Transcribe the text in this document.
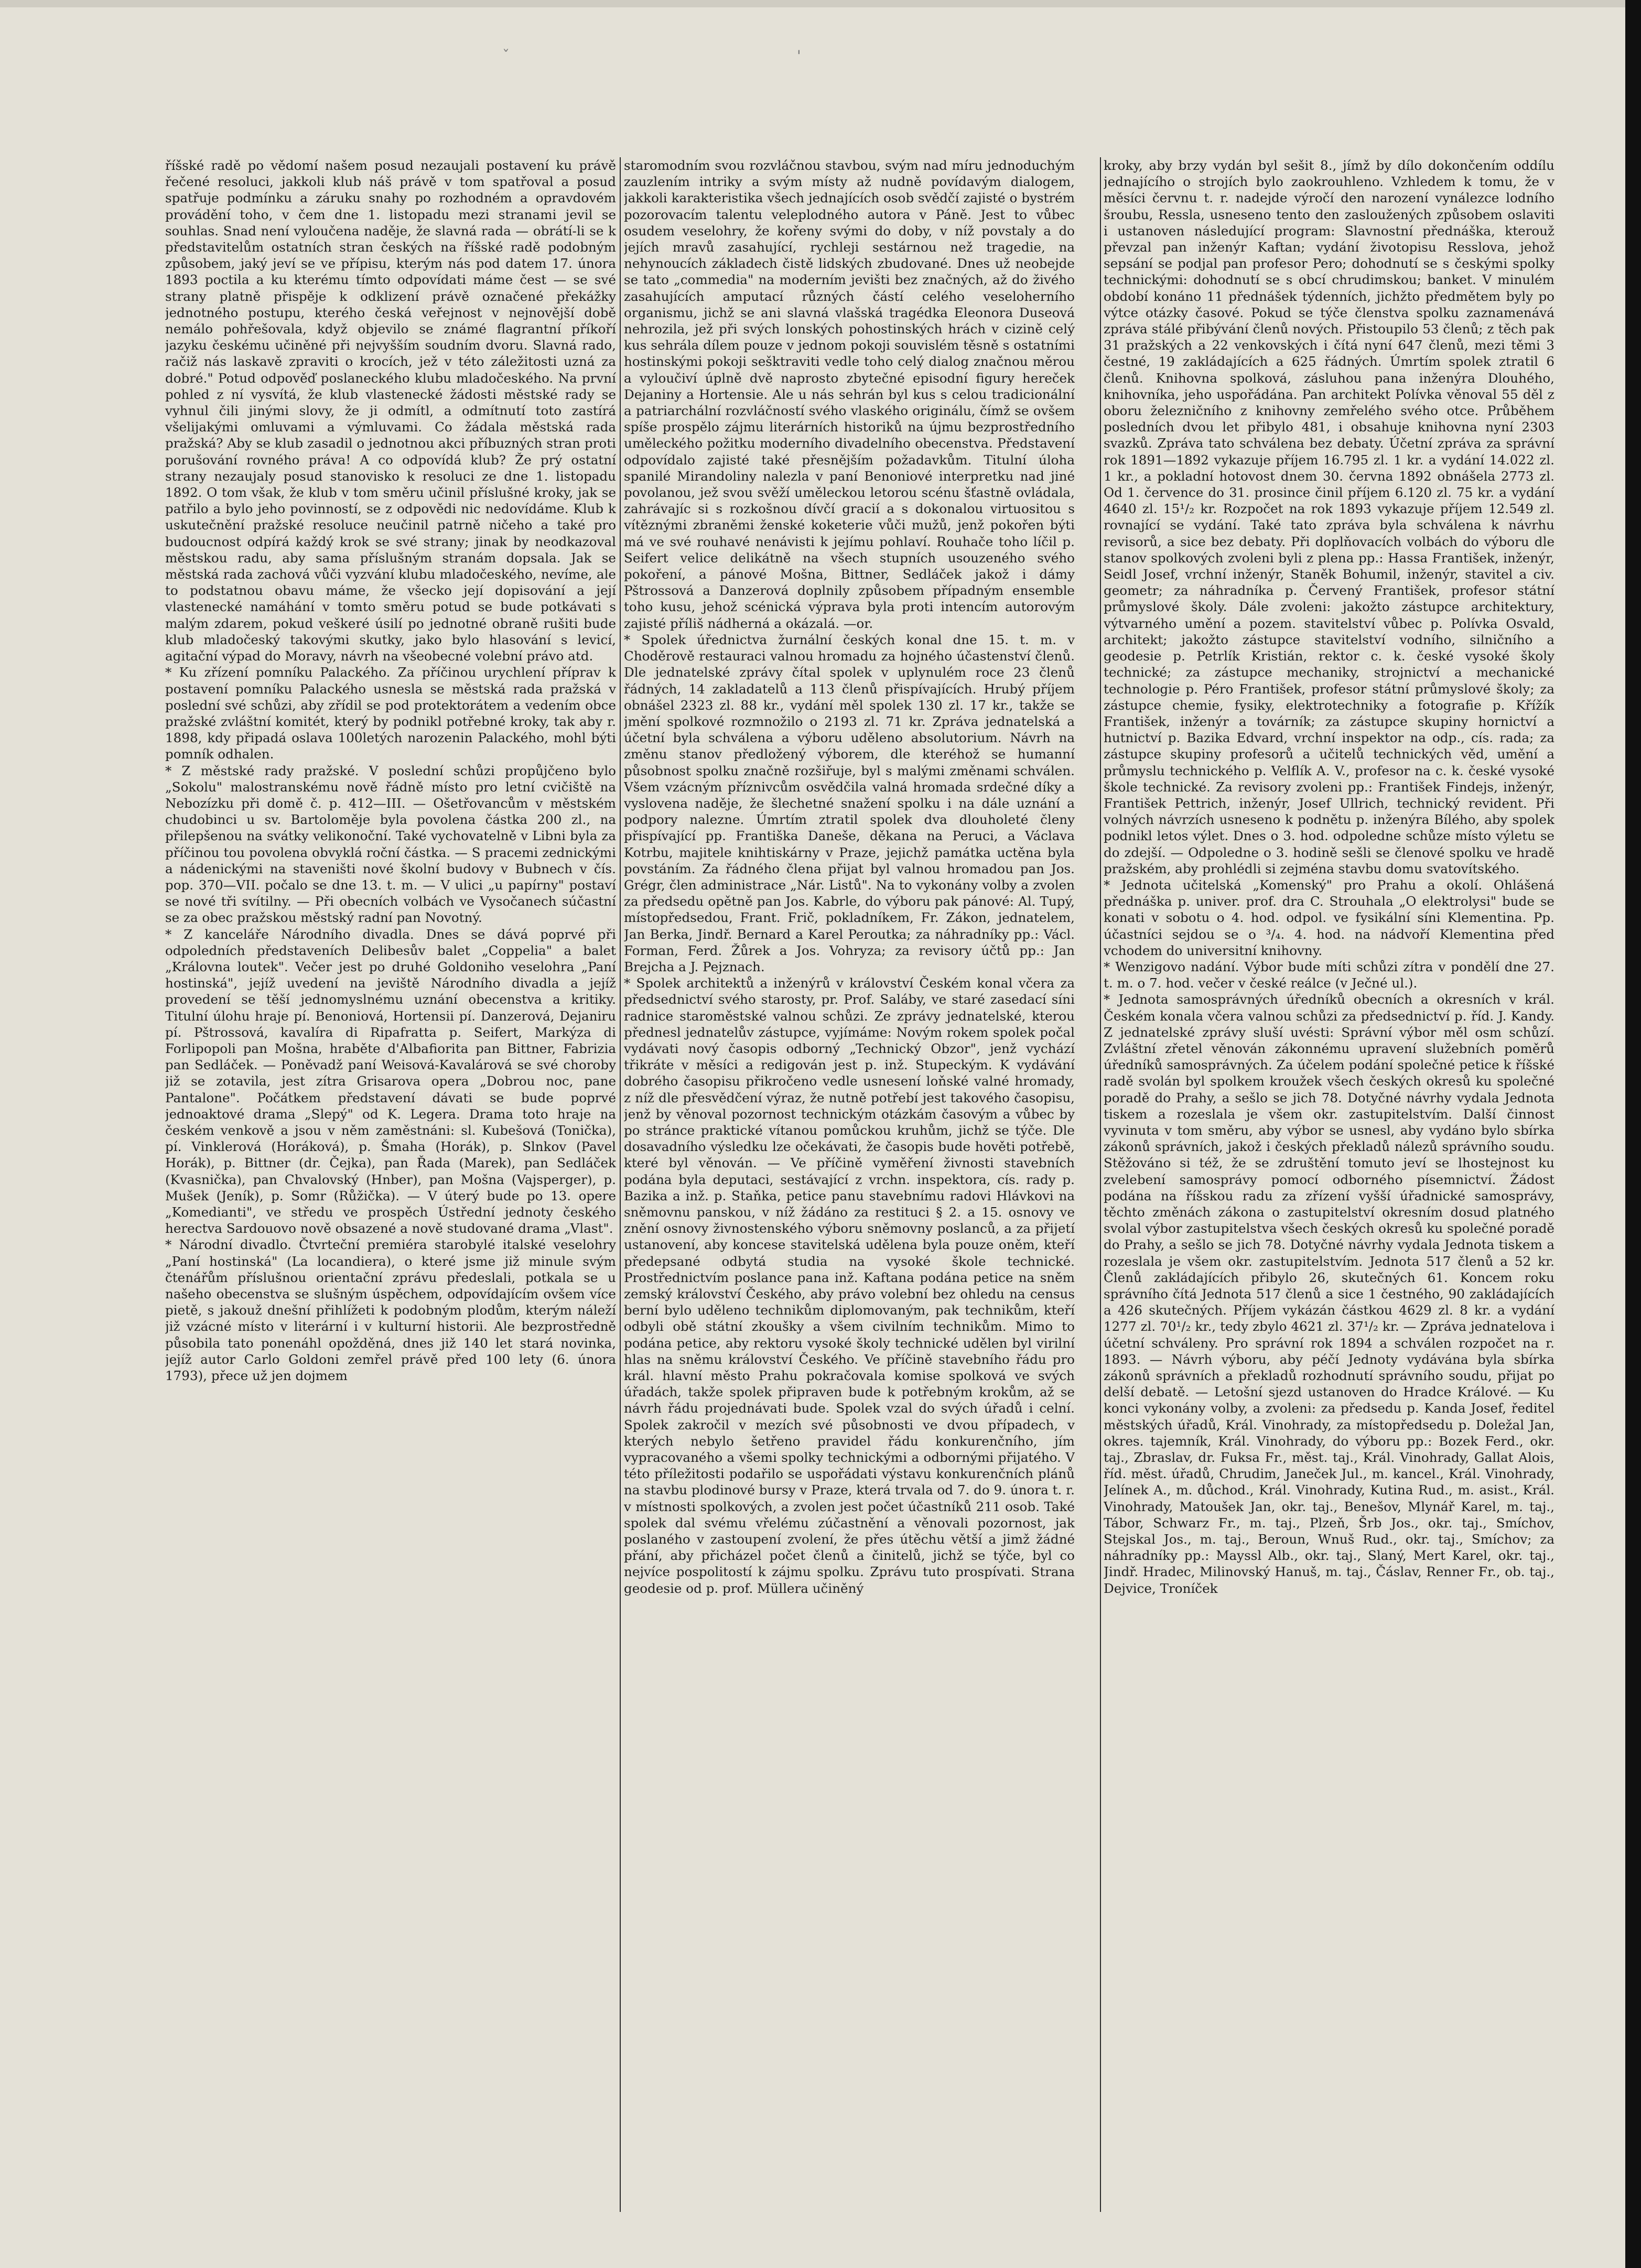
ˇ	'

říšské radě po vědomí našem posud nezaujali postavení ku právě řečené resoluci, jakkoli klub náš právě v tom spatřoval a posud spatřuje podmínku a záruku snahy po rozhodném a opravdovém provádění toho, v čem dne 1. listopadu mezi stranami jevil se souhlas. Snad není vyloučena naděje, že slavná rada — obrátí-li se k představitelům ostatních stran českých na říšské radě podobným způsobem, jaký jeví se ve přípisu, kterým nás pod datem 17. února 1893 poctila a ku kterému tímto odpovídati máme čest — se své strany platně přispěje k odklizení právě označené překážky jednotného postupu, kterého česká veřejnost v nejnovější době nemálo pohřešovala, když objevilo se známé flagrantní příkoří jazyku českému učiněné při nejvyšším soudním dvoru. Slavná rado, račiž nás laskavě zpraviti o krocích, jež v této záležitosti uzná za dobré." Potud odpověď poslaneckého klubu mladočeského. Na první pohled z ní vysvítá, že klub vlastenecké žádosti městské rady se vyhnul čili jinými slovy, že ji odmítl, a odmítnutí toto zastírá všelijakými omluvami a výmluvami. Co žádala městská rada pražská? Aby se klub zasadil o jednotnou akci příbuzných stran proti porušování rovného práva! A co odpovídá klub? Že prý ostatní strany nezaujaly posud stanovisko k resoluci ze dne 1. listopadu 1892. O tom však, že klub v tom směru učinil příslušné kroky, jak se patřilo a bylo jeho povinností, se z odpovědi nic nedovídáme. Klub k uskutečnění pražské resoluce neučinil patrně ničeho a také pro budoucnost odpírá každý krok se své strany; jinak by neodkazoval městskou radu, aby sama příslušným stranám dopsala. Jak se městská rada zachová vůči vyzvání klubu mladočeského, nevíme, ale to podstatnou obavu máme, že všecko její dopisování a její vlastenecké namáhání v tomto směru potud se bude potkávati s malým zdarem, pokud veškeré úsilí po jednotné obraně rušiti bude klub mladočeský takovými skutky, jako bylo hlasování s levicí, agitační výpad do Moravy, návrh na všeobecné volební právo atd.

* Ku zřízení pomníku Palackého. Za příčinou urychlení příprav k postavení pomníku Palackého usnesla se městská rada pražská v poslední své schůzi, aby zřídil se pod protektorátem a vedením obce pražské zvláštní komitét, který by podnikl potřebné kroky, tak aby r. 1898, kdy připadá oslava 100letých narozenin Palackého, mohl býti pomník odhalen.

* Z městské rady pražské. V poslední schůzi propůjčeno bylo „Sokolu" malostranskému nově řádně místo pro letní cvičiště na Nebozízku při domě č. p. 412—III. — Ošetřovancům v městském chudobinci u sv. Bartoloměje byla povolena částka 200 zl., na přilepšenou na svátky velikonoční. Také vychovatelně v Libni byla za příčinou tou povolena obvyklá roční částka. — S pracemi zednickými a nádenickými na staveništi nové školní budovy v Bubnech v čís. pop. 370—VII. počalo se dne 13. t. m. — V ulici „u papírny" postaví se nové tři svítilny. — Při obecních volbách ve Vysočanech súčastní se za obec pražskou městský radní pan Novotný.

* Z kanceláře Národního divadla. Dnes se dává poprvé při odpoledních představeních Delibesův balet „Coppelia" a balet „Královna loutek". Večer jest po druhé Goldoniho veselohra „Paní hostinská", jejíž uvedení na jeviště Národního divadla a jejíž provedení se těší jednomyslnému uznání obecenstva a kritiky. Titulní úlohu hraje pí. Benoniová, Hortensii pí. Danzerová, Dejaniru pí. Pštrossová, kavalíra di Ripafratta p. Seifert, Markýza di Forlipopoli pan Mošna, hraběte d'Albafiorita pan Bittner, Fabrizia pan Sedláček. — Poněvadž paní Weisová-Kavalárová se své choroby již se zotavila, jest zítra Grisarova opera „Dobrou noc, pane Pantalone". Počátkem představení dávati se bude poprvé jednoaktové drama „Slepý" od K. Legera. Drama toto hraje na českém venkově a jsou v něm zaměstnáni: sl. Kubešová (Tonička), pí. Vinklerová (Horáková), p. Šmaha (Horák), p. Slnkov (Pavel Horák), p. Bittner (dr. Čejka), pan Řada (Marek), pan Sedláček (Kvasnička), pan Chvalovský (Hnber), pan Mošna (Vajsperger), p. Mušek (Jeník), p. Somr (Růžička). — V úterý bude po 13. opere „Komedianti", ve středu ve prospěch Ústřední jednoty českého herectva Sardouovo nově obsazené a nově studované drama „Vlast".

* Národní divadlo. Čtvrteční premiéra starobylé italské veselohry „Paní hostinská" (La locandiera), o které jsme již minule svým čtenářům příslušnou orientační zprávu předeslali, potkala se u našeho obecenstva se slušným úspěchem, odpovídajícím ovšem více pietě, s jakouž dnešní přihlížeti k podobným plodům, kterým náleží již vzácné místo v literární i v kulturní historii. Ale bezprostředně působila tato ponenáhl opožděná, dnes již 140 let stará novinka, jejíž autor Carlo Goldoni zemřel právě před 100 lety (6. února 1793), přece už jen dojmem

staromodním svou rozvláčnou stavbou, svým nad míru jednoduchým zauzlením intriky a svým místy až nudně povídavým dialogem, jakkoli karakteristika všech jednajících osob svědčí zajisté o bystrém pozorovacím talentu veleplodného autora v Páně. Jest to vůbec osudem veselohry, že kořeny svými do doby, v níž povstaly a do jejích mravů zasahující, rychleji sestárnou než tragedie, na nehynoucích základech čistě lidských zbudované. Dnes už neobejde se tato „commedia" na moderním jevišti bez značných, až do živého zasahujících amputací různých částí celého veseloherního organismu, jichž se ani slavná vlašská tragédka Eleonora Duseová nehrozila, jež při svých lonských pohostinských hrách v cizině celý kus sehrála dílem pouze v jednom pokoji souvislém těsně s ostatními hostinskými pokoji sešktraviti vedle toho celý dialog značnou měrou a vyloučiví úplně dvě naprosto zbytečné episodní figury hereček Dejaniny a Hortensie. Ale u nás sehrán byl kus s celou tradicionální a patriarchální rozvláčností svého vlaského originálu, čímž se ovšem spíše prospělo zájmu literárních historiků na újmu bezprostředního uměleckého požitku moderního divadelního obecenstva. Představení odpovídalo zajisté také přesnějším požadavkům. Titulní úloha spanilé Mirandoliny nalezla v paní Benoniové interpretku nad jiné povolanou, jež svou svěží uměleckou letorou scénu šťastně ovládala, zahrávajíc si s rozkošnou dívčí gracií a s dokonalou virtuositou s vítěznými zbraněmi ženské koketerie vůči mužů, jenž pokořen býti má ve své rouhavé nenávisti k jejímu pohlaví. Rouhače toho líčil p. Seifert velice delikátně na všech stupních usouzeného svého pokoření, a pánové Mošna, Bittner, Sedláček jakož i dámy Pštrossová a Danzerová doplnily způsobem případným ensemble toho kusu, jehož scénická výprava byla proti intencím autorovým zajisté příliš nádherná a okázalá. —or.

* Spolek úřednictva žurnální českých konal dne 15. t. m. v Choděrově restauraci valnou hromadu za hojného účastenství členů. Dle jednatelské zprávy čítal spolek v uplynulém roce 23 členů řádných, 14 zakladatelů a 113 členů přispívajících. Hrubý příjem obnášel 2323 zl. 88 kr., vydání měl spolek 130 zl. 17 kr., takže se jmění spolkové rozmnožilo o 2193 zl. 71 kr. Zpráva jednatelská a účetní byla schválena a výboru uděleno absolutorium. Návrh na změnu stanov předložený výborem, dle kteréhož se humanní působnost spolku značně rozšiřuje, byl s malými změnami schválen. Všem vzácným příznivcům osvědčila valná hromada srdečné díky a vyslovena naděje, že šlechetné snažení spolku i na dále uznání a podpory nalezne. Úmrtím ztratil spolek dva dlouholeté členy přispívající pp. Františka Daneše, děkana na Peruci, a Václava Kotrbu, majitele knihtiskárny v Praze, jejichž památka uctěna byla povstáním. Za řádného člena přijat byl valnou hromadou pan Jos. Grégr, člen administrace „Nár. Listů". Na to vykonány volby a zvolen za předsedu opětně pan Jos. Kabrle, do výboru pak pánové: Al. Tupý, místopředsedou, Frant. Frič, pokladníkem, Fr. Zákon, jednatelem, Jan Berka, Jindř. Bernard a Karel Peroutka; za náhradníky pp.: Václ. Forman, Ferd. Žůrek a Jos. Vohryza; za revisory účtů pp.: Jan Brejcha a J. Pejznach.

* Spolek architektů a inženýrů v království Českém konal včera za předsednictví svého starosty, pr. Prof. Saláby, ve staré zasedací síni radnice staroměstské valnou schůzi. Ze zprávy jednatelské, kterou přednesl jednatelův zástupce, vyjímáme: Novým rokem spolek počal vydávati nový časopis odborný „Technický Obzor", jenž vychází třikráte v měsíci a redigován jest p. inž. Stupeckým. K vydávání dobrého časopisu přikročeno vedle usnesení loňské valné hromady, z níž dle přesvědčení výraz, že nutně potřebí jest takového časopisu, jenž by věnoval pozornost technickým otázkám časovým a vůbec by po stránce praktické vítanou pomůckou kruhům, jichž se týče. Dle dosavadního výsledku lze očekávati, že časopis bude hověti potřebě, které byl věnován. — Ve příčině vyměření živnosti stavebních podána byla deputaci, sestávající z vrchn. inspektora, cís. rady p. Bazika a inž. p. Staňka, petice panu stavebnímu radovi Hlávkovi na sněmovnu panskou, v níž žádáno za restituci § 2. a 15. osnovy ve znění osnovy živnostenského výboru sněmovny poslanců, a za přijetí ustanovení, aby koncese stavitelská udělena byla pouze oněm, kteří předepsané odbytá studia na vysoké škole technické. Prostřednictvím poslance pana inž. Kaftana podána petice na sněm zemský království Českého, aby právo volební bez ohledu na census berní bylo uděleno technikům diplomovaným, pak technikům, kteří odbyli obě státní zkoušky a všem civilním technikům. Mimo to podána petice, aby rektoru vysoké školy technické udělen byl virilní hlas na sněmu království Českého. Ve příčině stavebního řádu pro král. hlavní město Prahu pokračovala komise spolková ve svých úřadách, takže spolek připraven bude k potřebným krokům, až se návrh řádu projednávati bude. Spolek vzal do svých úřadů i celní. Spolek zakročil v mezích své působnosti ve dvou případech, v kterých nebylo šetřeno pravidel řádu konkurenčního, jím vypracovaného a všemi spolky technickými a odbornými přijatého. V této příležitosti podařilo se uspořádati výstavu konkurenčních plánů na stavbu plodinové bursy v Praze, která trvala od 7. do 9. února t. r. v místnosti spolkových, a zvolen jest počet účastníků 211 osob. Také spolek dal svému vřelému zúčastnění a věnovali pozornost, jak poslaného v zastoupení zvolení, že přes útěchu větší a jimž žádné přání, aby přicházel počet členů a činitelů, jichž se týče, byl co nejvíce pospolitostí k zájmu spolku. Zprávu tuto prospívati. Strana geodesie od p. prof. Müllera učiněný

kroky, aby brzy vydán byl sešit 8., jímž by dílo dokončením oddílu jednajícího o strojích bylo zaokrouhleno. Vzhledem k tomu, že v měsíci červnu t. r. nadejde výročí den narození vynálezce lodního šroubu, Ressla, usneseno tento den zasloužených způsobem oslaviti i ustanoven následující program: Slavnostní přednáška, kterouž převzal pan inženýr Kaftan; vydání životopisu Resslova, jehož sepsání se podjal pan profesor Pero; dohodnutí se s českými spolky technickými: dohodnutí se s obcí chrudimskou; banket. V minulém období konáno 11 přednášek týdenních, jichžto předmětem byly po výtce otázky časové. Pokud se týče členstva spolku zaznamenává zpráva stálé přibývání členů nových. Přistoupilo 53 členů; z těch pak 31 pražských a 22 venkovských i čítá nyní 647 členů, mezi těmi 3 čestné, 19 zakládajících a 625 řádných. Úmrtím spolek ztratil 6 členů. Knihovna spolková, zásluhou pana inženýra Dlouhého, knihovníka, jeho uspořádána. Pan architekt Polívka věnoval 55 děl z oboru železničního z knihovny zemřelého svého otce. Průběhem posledních dvou let přibylo 481, i obsahuje knihovna nyní 2303 svazků. Zpráva tato schválena bez debaty. Účetní zpráva za správní rok 1891—1892 vykazuje příjem 16.795 zl. 1 kr. a vydání 14.022 zl. 1 kr., a pokladní hotovost dnem 30. června 1892 obnášela 2773 zl. Od 1. července do 31. prosince činil příjem 6.120 zl. 75 kr. a vydání 4640 zl. 15¹/₂ kr. Rozpočet na rok 1893 vykazuje příjem 12.549 zl. rovnající se vydání. Také tato zpráva byla schválena k návrhu revisorů, a sice bez debaty. Při doplňovacích volbách do výboru dle stanov spolkových zvoleni byli z plena pp.: Hassa František, inženýr, Seidl Josef, vrchní inženýr, Staněk Bohumil, inženýr, stavitel a civ. geometr; za náhradníka p. Červený František, profesor státní průmyslové školy. Dále zvoleni: jakožto zástupce architektury, výtvarného umění a pozem. stavitelství vůbec p. Polívka Osvald, architekt; jakožto zástupce stavitelství vodního, silničního a geodesie p. Petrlík Kristián, rektor c. k. české vysoké školy technické; za zástupce mechaniky, strojnictví a mechanické technologie p. Pérо František, profesor státní průmyslové školy; za zástupce chemie, fysiky, elektrotechniky a fotografie p. Křížík František, inženýr a továrník; za zástupce skupiny hornictví a hutnictví p. Bazika Edvard, vrchní inspektor na odp., cís. rada; za zástupce skupiny profesorů a učitelů technických věd, umění a průmyslu technického p. Velflík A. V., profesor na c. k. české vysoké škole technické. Za revisory zvoleni pp.: František Findejs, inženýr, František Pettrich, inženýr, Josef Ullrich, technický revident. Při volných návrzích usneseno k podnětu p. inženýra Bílého, aby spolek podnikl letos výlet. Dnes o 3. hod. odpoledne schůze místo výletu se do zdejší. — Odpoledne o 3. hodině sešli se členové spolku ve hradě pražském, aby prohlédli si zejména stavbu domu svatovítského.

* Jednota učitelská „Komenský" pro Prahu a okolí. Ohlášená přednáška p. univer. prof. dra C. Strouhala „O elektrolysi" bude se konati v sobotu o 4. hod. odpol. ve fysikální síni Klementina. Pp. účastníci sejdou se o ³/₄. 4. hod. na nádvoří Klementina před vchodem do universitní knihovny.

* Wenzigovo nadání. Výbor bude míti schůzi zítra v pondělí dne 27. t. m. o 7. hod. večer v české reálce (v Ječné ul.).

* Jednota samosprávných úředníků obecních a okresních v král. Českém konala včera valnou schůzi za předsednictví p. říd. J. Kandy. Z jednatelské zprávy sluší uvésti: Správní výbor měl osm schůzí. Zvláštní zřetel věnován zákonnému upravení služebních poměrů úředníků samosprávných. Za účelem podání společné petice k říšské radě svolán byl spolkem kroužek všech českých okresů ku společné poradě do Prahy, a sešlo se jich 78. Dotyčné návrhy vydala Jednota tiskem a rozeslala je všem okr. zastupitelstvím. Další činnost vyvinuta v tom směru, aby výbor se usnesl, aby vydáno bylo sbírka zákonů správních, jakož i českých překladů nálezů správního soudu. Stěžováno si též, že se zdruštění tomuto jeví se lhostejnost ku zvelebení samosprávy pomocí odborného písemnictví. Žádost podána na říšskou radu za zřízení vyšší úřadnické samosprávy, těchto změnách zákona o zastupitelství okresním dosud platného svolal výbor zastupitelstva všech českých okresů ku společné poradě do Prahy, a sešlo se jich 78. Dotyčné návrhy vydala Jednota tiskem a rozeslala je všem okr. zastupitelstvím. Jednota 517 členů a 52 kr. Členů zakládajících přibylo 26, skutečných 61. Koncem roku správního čítá Jednota 517 členů a sice 1 čestného, 90 zakládajících a 426 skutečných. Příjem vykázán částkou 4629 zl. 8 kr. a vydání 1277 zl. 70¹/₂ kr., tedy zbylo 4621 zl. 37¹/₂ kr. — Zpráva jednatelova i účetní schváleny. Pro správní rok 1894 a schválen rozpočet na r. 1893. — Návrh výboru, aby péčí Jednoty vydávána byla sbírka zákonů správních a překladů rozhodnutí správního soudu, přijat po delší debatě. — Letošní sjezd ustanoven do Hradce Králové. — Ku konci vykonány volby, a zvoleni: za předsedu p. Kanda Josef, ředitel městských úřadů, Král. Vinohrady, za místopředsedu p. Doležal Jan, okres. tajemník, Král. Vinohrady, do výboru pp.: Bozek Ferd., okr. taj., Zbraslav, dr. Fuksa Fr., měst. taj., Král. Vinohrady, Gallat Alois, říd. měst. úřadů, Chrudim, Janeček Jul., m. kancel., Král. Vinohrady, Jelínek A., m. důchod., Král. Vinohrady, Kutina Rud., m. asist., Král. Vinohrady, Matoušek Jan, okr. taj., Benešov, Mlynář Karel, m. taj., Tábor, Schwarz Fr., m. taj., Plzeň, Šrb Jos., okr. taj., Smíchov, Stejskal Jos., m. taj., Beroun, Wnuš Rud., okr. taj., Smíchov; za náhradníky pp.: Mayssl Alb., okr. taj., Slaný, Mert Karel, okr. taj., Jindř. Hradec, Milinovský Hanuš, m. taj., Čáslav, Renner Fr., ob. taj., Dejvice, Troníček
